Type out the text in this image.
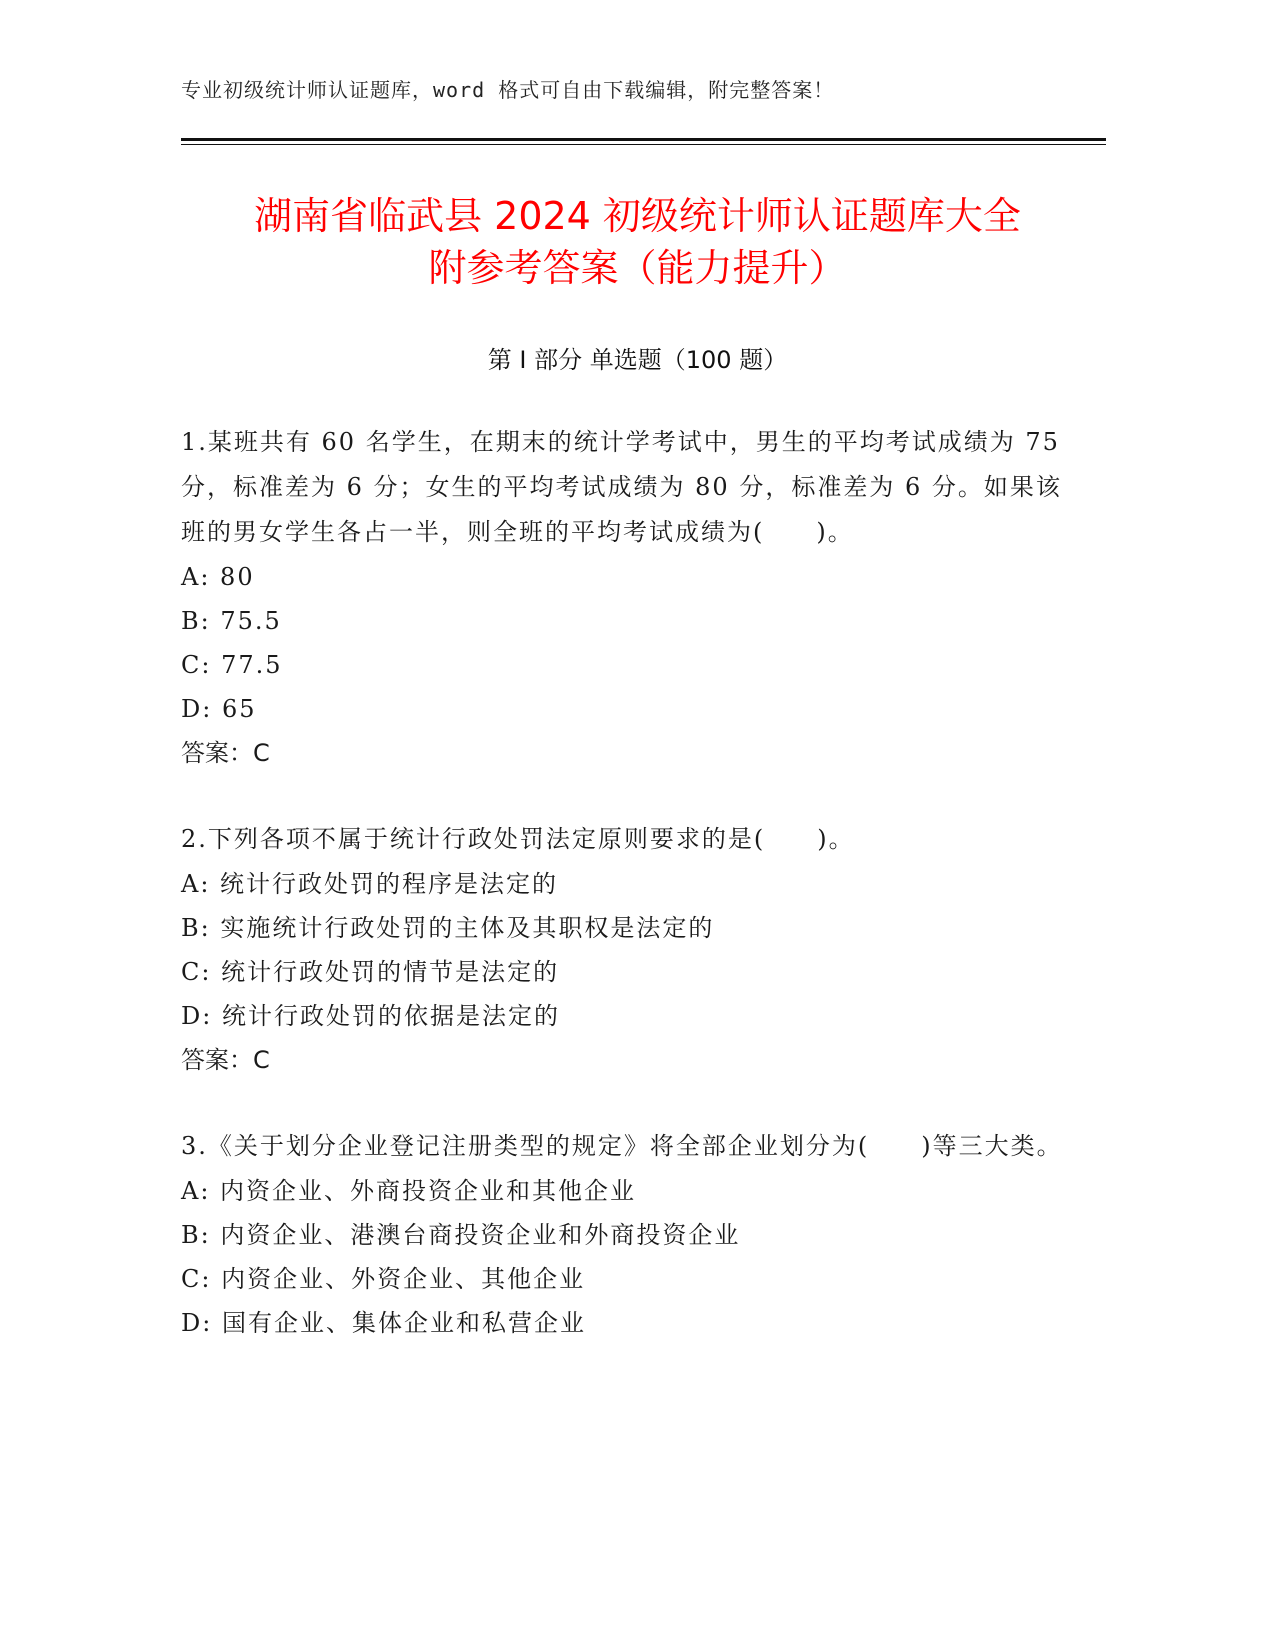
专业初级统计师认证题库，word 格式可自由下载编辑，附完整答案！
湖南省临武县 2024 初级统计师认证题库大全
附参考答案（能力提升）
第 I 部分 单选题（100 题）

1.某班共有 60 名学生，在期末的统计学考试中，男生的平均考试成绩为 75 分，标准差为 6 分；女生的平均考试成绩为 80 分，标准差为 6 分。如果该班的男女学生各占一半，则全班的平均考试成绩为(　　)。

A: 80

B: 75.5

C: 77.5

D: 65

答案：C

2.下列各项不属于统计行政处罚法定原则要求的是(　　)。

A: 统计行政处罚的程序是法定的

B: 实施统计行政处罚的主体及其职权是法定的

C: 统计行政处罚的情节是法定的

D: 统计行政处罚的依据是法定的

答案：C

3.《关于划分企业登记注册类型的规定》将全部企业划分为(　　)等三大类。

A: 内资企业、外商投资企业和其他企业

B: 内资企业、港澳台商投资企业和外商投资企业

C: 内资企业、外资企业、其他企业

D: 国有企业、集体企业和私营企业
